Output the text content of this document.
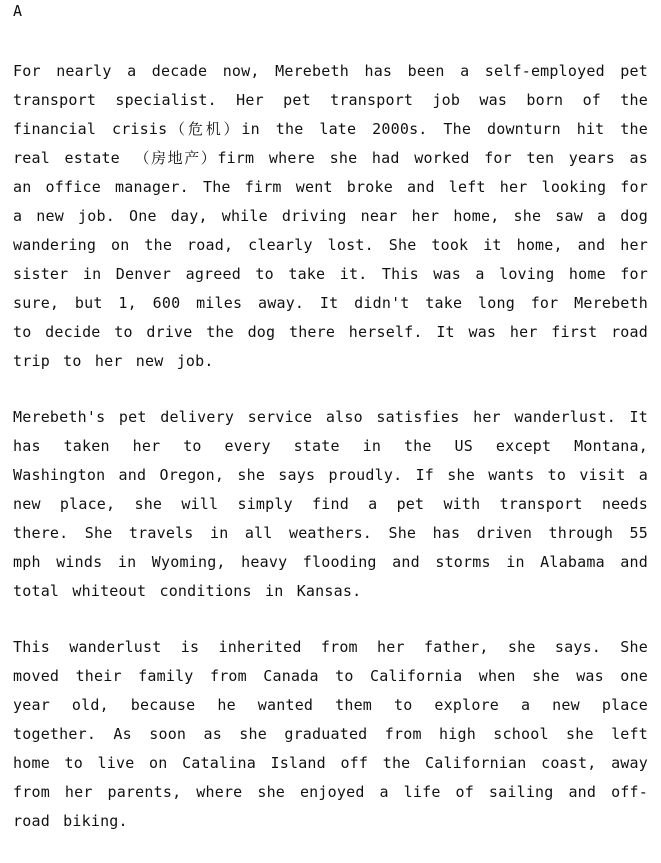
A

For nearly a decade now, Merebeth has been a self-employed pet transport specialist. Her pet transport job was born of the financial crisis（危机）in the late 2000s. The downturn hit the real estate （房地产）firm where she had worked for ten years as an office manager. The firm went broke and left her looking for a new job. One day, while driving near her home, she saw a dog wandering on the road, clearly lost. She took it home, and her sister in Denver agreed to take it. This was a loving home for sure, but 1, 600 miles away. It didn't take long for Merebeth to decide to drive the dog there herself. It was her first road trip to her new job.

Merebeth's pet delivery service also satisfies her wanderlust. It has taken her to every state in the US except Montana, Washington and Oregon, she says proudly. If she wants to visit a new place, she will simply find a pet with transport needs there. She travels in all weathers. She has driven through 55 mph winds in Wyoming, heavy flooding and storms in Alabama and total whiteout conditions in Kansas.

This wanderlust is inherited from her father, she says. She moved their family from Canada to California when she was one year old, because he wanted them to explore a new place together. As soon as she graduated from high school she left home to live on Catalina Island off the Californian coast, away from her parents, where she enjoyed a life of sailing and off-road biking.
